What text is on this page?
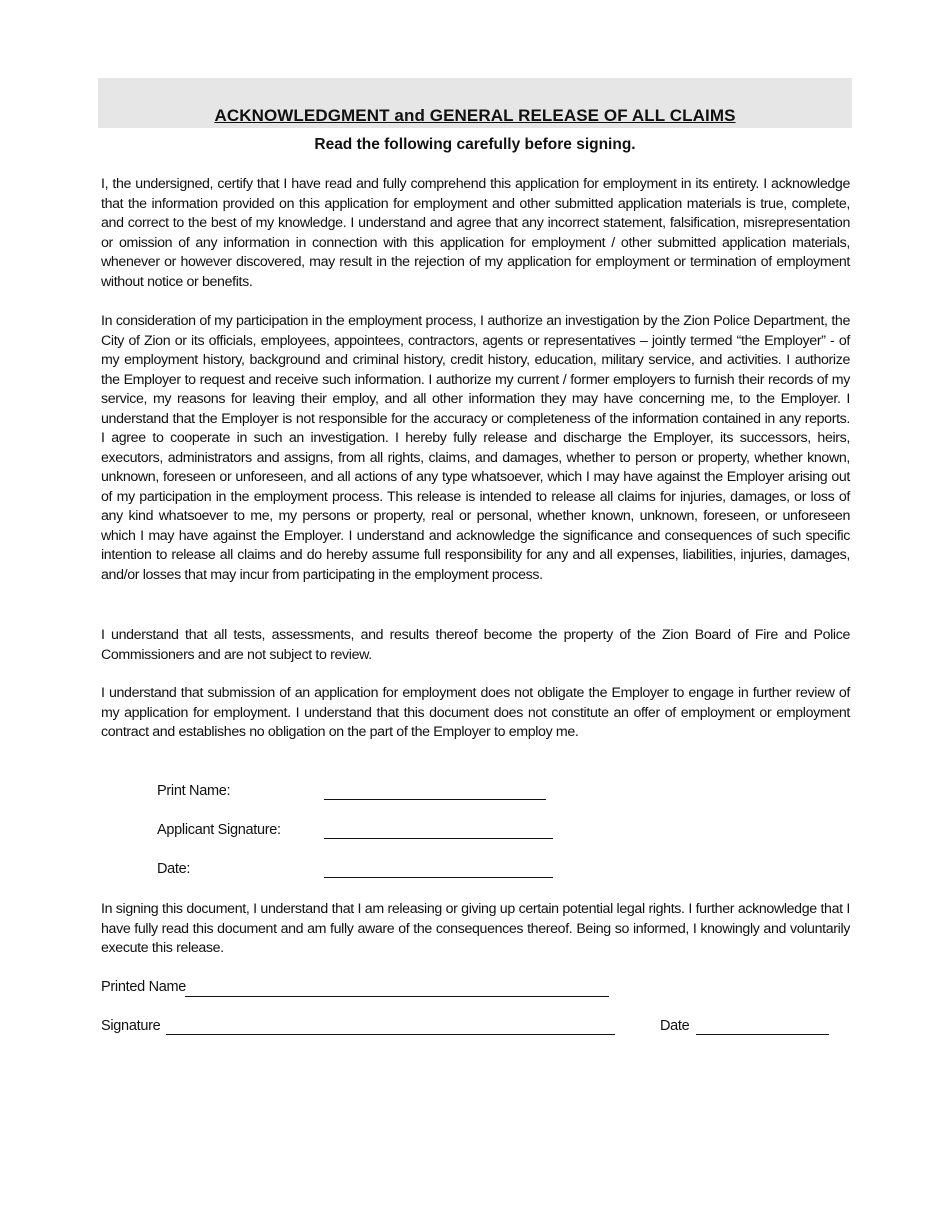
ACKNOWLEDGMENT and GENERAL RELEASE OF ALL CLAIMS
Read the following carefully before signing.

I, the undersigned, certify that I have read and fully comprehend this application for employment in its entirety. I acknowledge that the information provided on this application for employment and other submitted application materials is true, complete, and correct to the best of my knowledge. I understand and agree that any incorrect statement, falsification, misrepresentation or omission of any information in connection with this application for employment / other submitted application materials, whenever or however discovered, may result in the rejection of my application for employment or termination of employment without notice or benefits.

In consideration of my participation in the employment process, I authorize an investigation by the Zion Police Department, the City of Zion or its officials, employees, appointees, contractors, agents or representatives – jointly termed “the Employer” - of my employment history, background and criminal history, credit history, education, military service, and activities. I authorize the Employer to request and receive such information. I authorize my current / former employers to furnish their records of my service, my reasons for leaving their employ, and all other information they may have concerning me, to the Employer. I understand that the Employer is not responsible for the accuracy or completeness of the information contained in any reports. I agree to cooperate in such an investigation. I hereby fully release and discharge the Employer, its successors, heirs, executors, administrators and assigns, from all rights, claims, and damages, whether to person or property, whether known, unknown, foreseen or unforeseen, and all actions of any type whatsoever, which I may have against the Employer arising out of my participation in the employment process. This release is intended to release all claims for injuries, damages, or loss of any kind whatsoever to me, my persons or property, real or personal, whether known, unknown, foreseen, or unforeseen which I may have against the Employer. I understand and acknowledge the significance and consequences of such specific intention to release all claims and do hereby assume full responsibility for any and all expenses, liabilities, injuries, damages, and/or losses that may incur from participating in the employment process.

I understand that all tests, assessments, and results thereof become the property of the Zion Board of Fire and Police Commissioners and are not subject to review.

I understand that submission of an application for employment does not obligate the Employer to engage in further review of my application for employment. I understand that this document does not constitute an offer of employment or employment contract and establishes no obligation on the part of the Employer to employ me.

Print Name:
Applicant Signature:
Date:

In signing this document, I understand that I am releasing or giving up certain potential legal rights. I further acknowledge that I have fully read this document and am fully aware of the consequences thereof. Being so informed, I knowingly and voluntarily execute this release.

Printed Name
Signature	Date
